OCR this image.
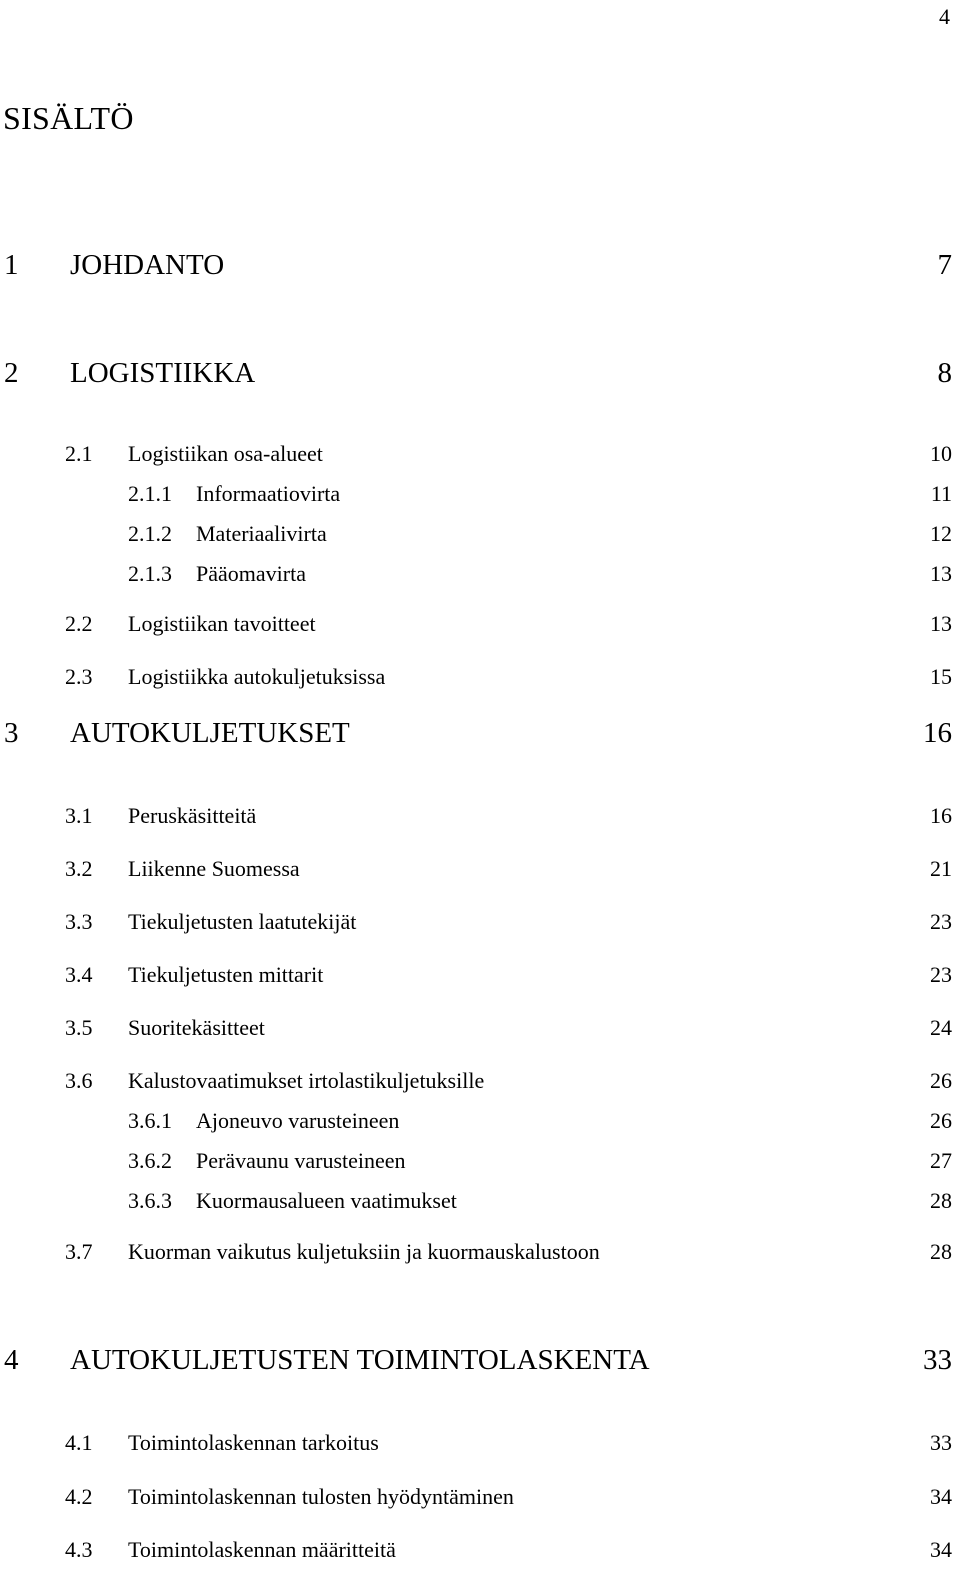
4
SISÄLTÖ
1	JOHDANTO	7
2	LOGISTIIKKA	8
2.1	Logistiikan osa-alueet	10
2.1.1	Informaatiovirta	11
2.1.2	Materiaalivirta	12
2.1.3	Pääomavirta	13
2.2	Logistiikan tavoitteet	13
2.3	Logistiikka autokuljetuksissa	15
3	AUTOKULJETUKSET	16
3.1	Peruskäsitteitä	16
3.2	Liikenne Suomessa	21
3.3	Tiekuljetusten laatutekijät	23
3.4	Tiekuljetusten mittarit	23
3.5	Suoritekäsitteet	24
3.6	Kalustovaatimukset irtolastikuljetuksille	26
3.6.1	Ajoneuvo varusteineen	26
3.6.2	Perävaunu varusteineen	27
3.6.3	Kuormausalueen vaatimukset	28
3.7	Kuorman vaikutus kuljetuksiin ja kuormauskalustoon	28
4	AUTOKULJETUSTEN TOIMINTOLASKENTA	33
4.1	Toimintolaskennan tarkoitus	33
4.2	Toimintolaskennan tulosten hyödyntäminen	34
4.3	Toimintolaskennan määritteitä	34
